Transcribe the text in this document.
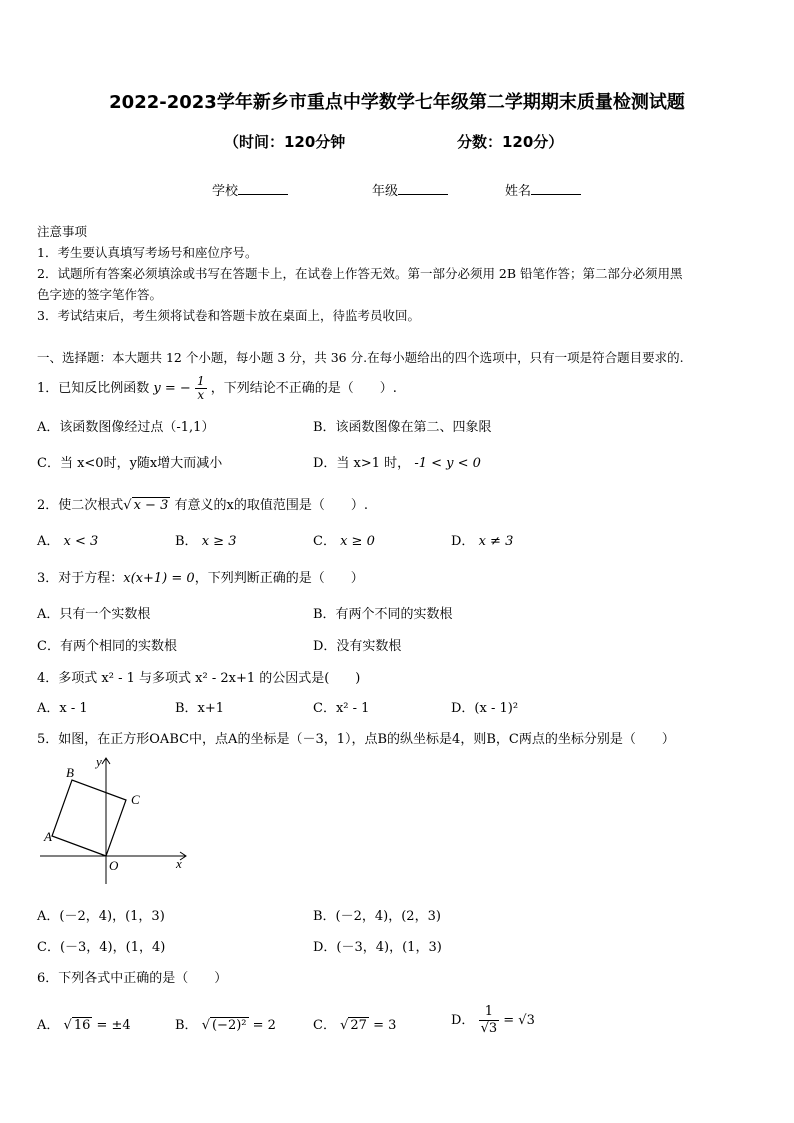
2022-2023学年新乡市重点中学数学七年级第二学期期末质量检测试题
（时间：120分钟	分数：120分）
学校	年级	姓名
注意事项
1．考生要认真填写考场号和座位序号。
2．试题所有答案必须填涂或书写在答题卡上，在试卷上作答无效。第一部分必须用 2B 铅笔作答；第二部分必须用黑
色字迹的签字笔作答。
3．考试结束后，考生须将试卷和答题卡放在桌面上，待监考员收回。
一、选择题：本大题共 12 个小题，每小题 3 分，共 36 分.在每小题给出的四个选项中，只有一项是符合题目要求的.
1．已知反比例函数 y = − $\frac{1}{x}$ ，下列结论不正确的是（　　）.
A．该函数图像经过点（-1,1）	B．该函数图像在第二、四象限
C．当 x<0时，y随x增大而减小	D．当 x>1 时， -1 < y < 0
2．使二次根式√ x − 3 有意义的x的取值范围是（　　）.
A． x < 3	B． x ≥ 3	C． x ≥ 0	D． x ≠ 3
3．对于方程：x(x+1) = 0，下列判断正确的是（　　）
A．只有一个实数根	B．有两个不同的实数根
C．有两个相同的实数根	D．没有实数根
4．多项式 x² - 1 与多项式 x² - 2x+1 的公因式是(　　)
A．x - 1	B．x+1	C．x² - 1	D．(x - 1)²
5．如图，在正方形OABC中，点A的坐标是（－3，1），点B的纵坐标是4，则B，C两点的坐标分别是（　　）
A
B
C
O	x
y
A．(－2，4)，(1，3)	B．(－2，4)，(2，3)
C．(－3，4)，(1，4)	D．(－3，4)，(1，3)
6．下列各式中正确的是（　　）
A． √ 16 = ±4	B． √ (−2)² = 2	C． √ 27 = 3	D． $\frac{1}{√3} = √3$
